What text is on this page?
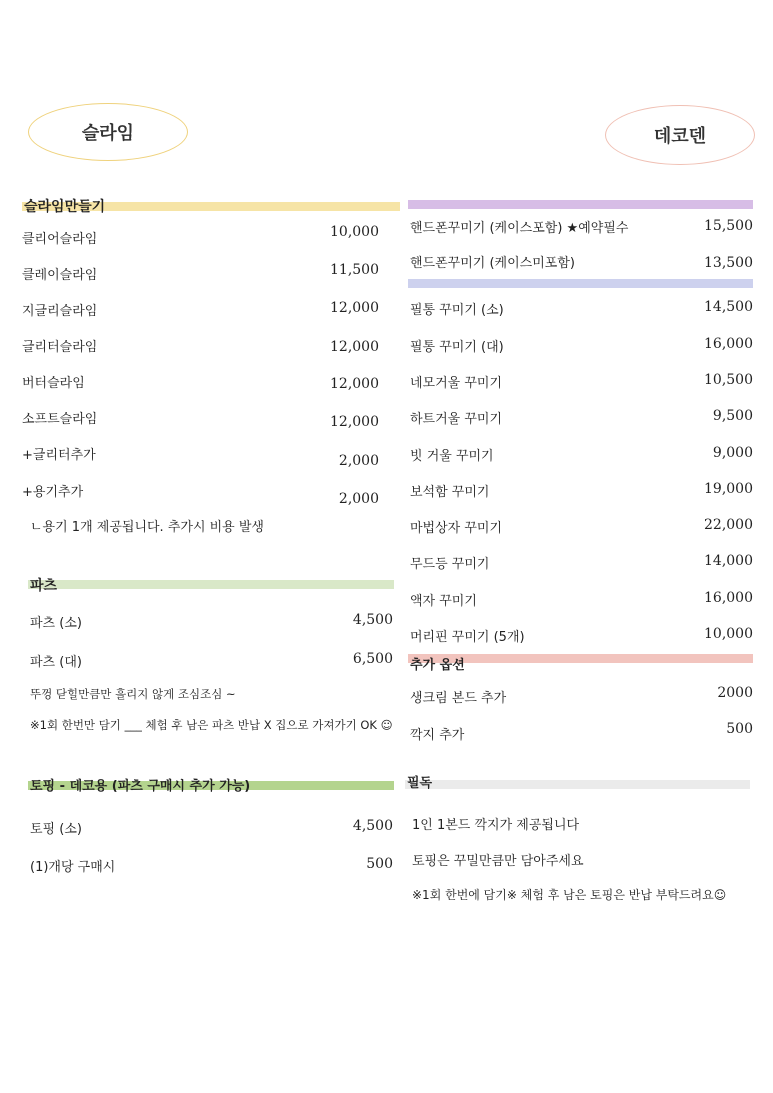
슬라임	데코덴
슬라임만들기
클리어슬라임	10,000
클레이슬라임	11,500
지글리슬라임	12,000
글리터슬라임	12,000
버터슬라임	12,000
소프트슬라임	12,000
+글리터추가	2,000
+용기추가	2,000
ㄴ용기 1개 제공됩니다. 추가시 비용 발생
파츠
파츠 (소)	4,500
파츠 (대)	6,500
뚜껑 닫힐만큼만 흘리지 않게 조심조심 ~
※1회 한번만 담기 ___ 체험 후 남은 파츠 반납 X 집으로 가져가기 OK ☺
토핑 - 데코용 (파츠 구매시 추가 가능)
토핑 (소)	4,500
(1)개당 구매시	500
핸드폰꾸미기 (케이스포함) ★예약필수	15,500
핸드폰꾸미기 (케이스미포함)	13,500
필통 꾸미기 (소)	14,500
필통 꾸미기 (대)	16,000
네모거울 꾸미기	10,500
하트거울 꾸미기	9,500
빗 거울 꾸미기	9,000
보석함 꾸미기	19,000
마법상자 꾸미기	22,000
무드등 꾸미기	14,000
액자 꾸미기	16,000
머리핀 꾸미기 (5개)	10,000
추가 옵션
생크림 본드 추가	2000
깍지 추가	500
필독
1인 1본드 깍지가 제공됩니다
토핑은 꾸밀만큼만 담아주세요
※1회 한번에 담기※ 체험 후 남은 토핑은 반납 부탁드려요☺
